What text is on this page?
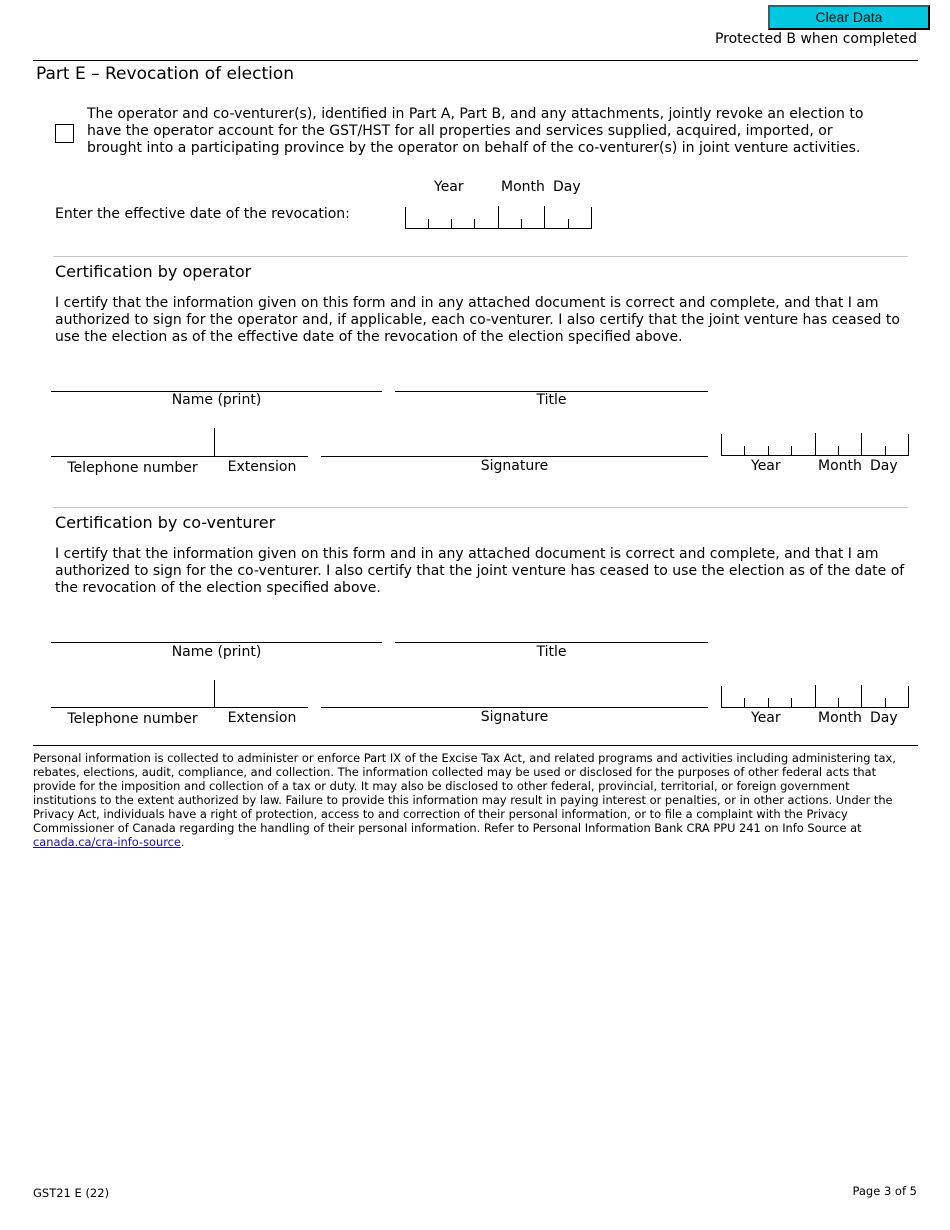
Clear Data
Protected B when completed
Part E – Revocation of election
The operator and co-venturer(s), identified in Part A, Part B, and any attachments, jointly revoke an election to have the operator account for the GST/HST for all properties and services supplied, acquired, imported, or brought into a participating province by the operator on behalf of the co-venturer(s) in joint venture activities.
Year	Month Day
Enter the effective date of the revocation:
Certification by operator
I certify that the information given on this form and in any attached document is correct and complete, and that I am authorized to sign for the operator and, if applicable, each co-venturer. I also certify that the joint venture has ceased to use the election as of the effective date of the revocation of the election specified above.
Name (print)	Title
Telephone number	Extension	Signature	Year	Month Day
Certification by co-venturer
I certify that the information given on this form and in any attached document is correct and complete, and that I am authorized to sign for the co-venturer. I also certify that the joint venture has ceased to use the election as of the date of the revocation of the election specified above.
Name (print)	Title
Telephone number	Extension	Signature	Year	Month Day
Personal information is collected to administer or enforce Part IX of the Excise Tax Act, and related programs and activities including administering tax, rebates, elections, audit, compliance, and collection. The information collected may be used or disclosed for the purposes of other federal acts that provide for the imposition and collection of a tax or duty. It may also be disclosed to other federal, provincial, territorial, or foreign government institutions to the extent authorized by law. Failure to provide this information may result in paying interest or penalties, or in other actions. Under the Privacy Act, individuals have a right of protection, access to and correction of their personal information, or to file a complaint with the Privacy Commissioner of Canada regarding the handling of their personal information. Refer to Personal Information Bank CRA PPU 241 on Info Source at canada.ca/cra-info-source.
GST21 E (22)	Page 3 of 5
